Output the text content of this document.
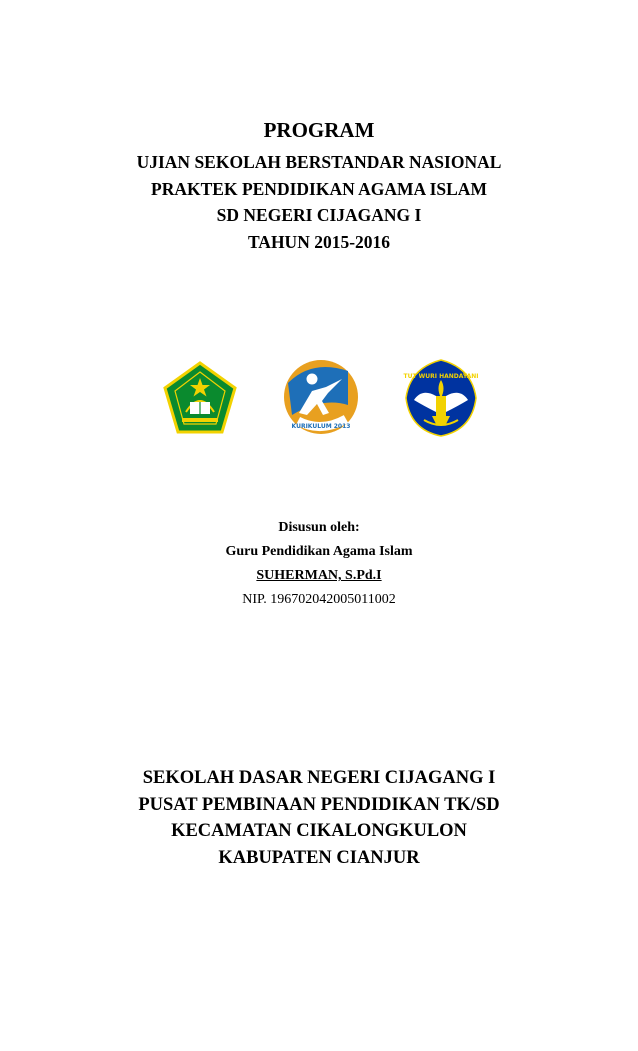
PROGRAM
UJIAN SEKOLAH BERSTANDAR NASIONAL
PRAKTEK PENDIDIKAN AGAMA ISLAM
SD NEGERI CIJAGANG I
TAHUN 2015-2016
KURIKULUM 2013
TUT WURI HANDAYANI
Disusun oleh:
Guru Pendidikan Agama Islam
SUHERMAN, S.Pd.I
NIP. 196702042005011002
SEKOLAH DASAR NEGERI CIJAGANG I
PUSAT PEMBINAAN PENDIDIKAN TK/SD
KECAMATAN CIKALONGKULON
KABUPATEN CIANJUR
